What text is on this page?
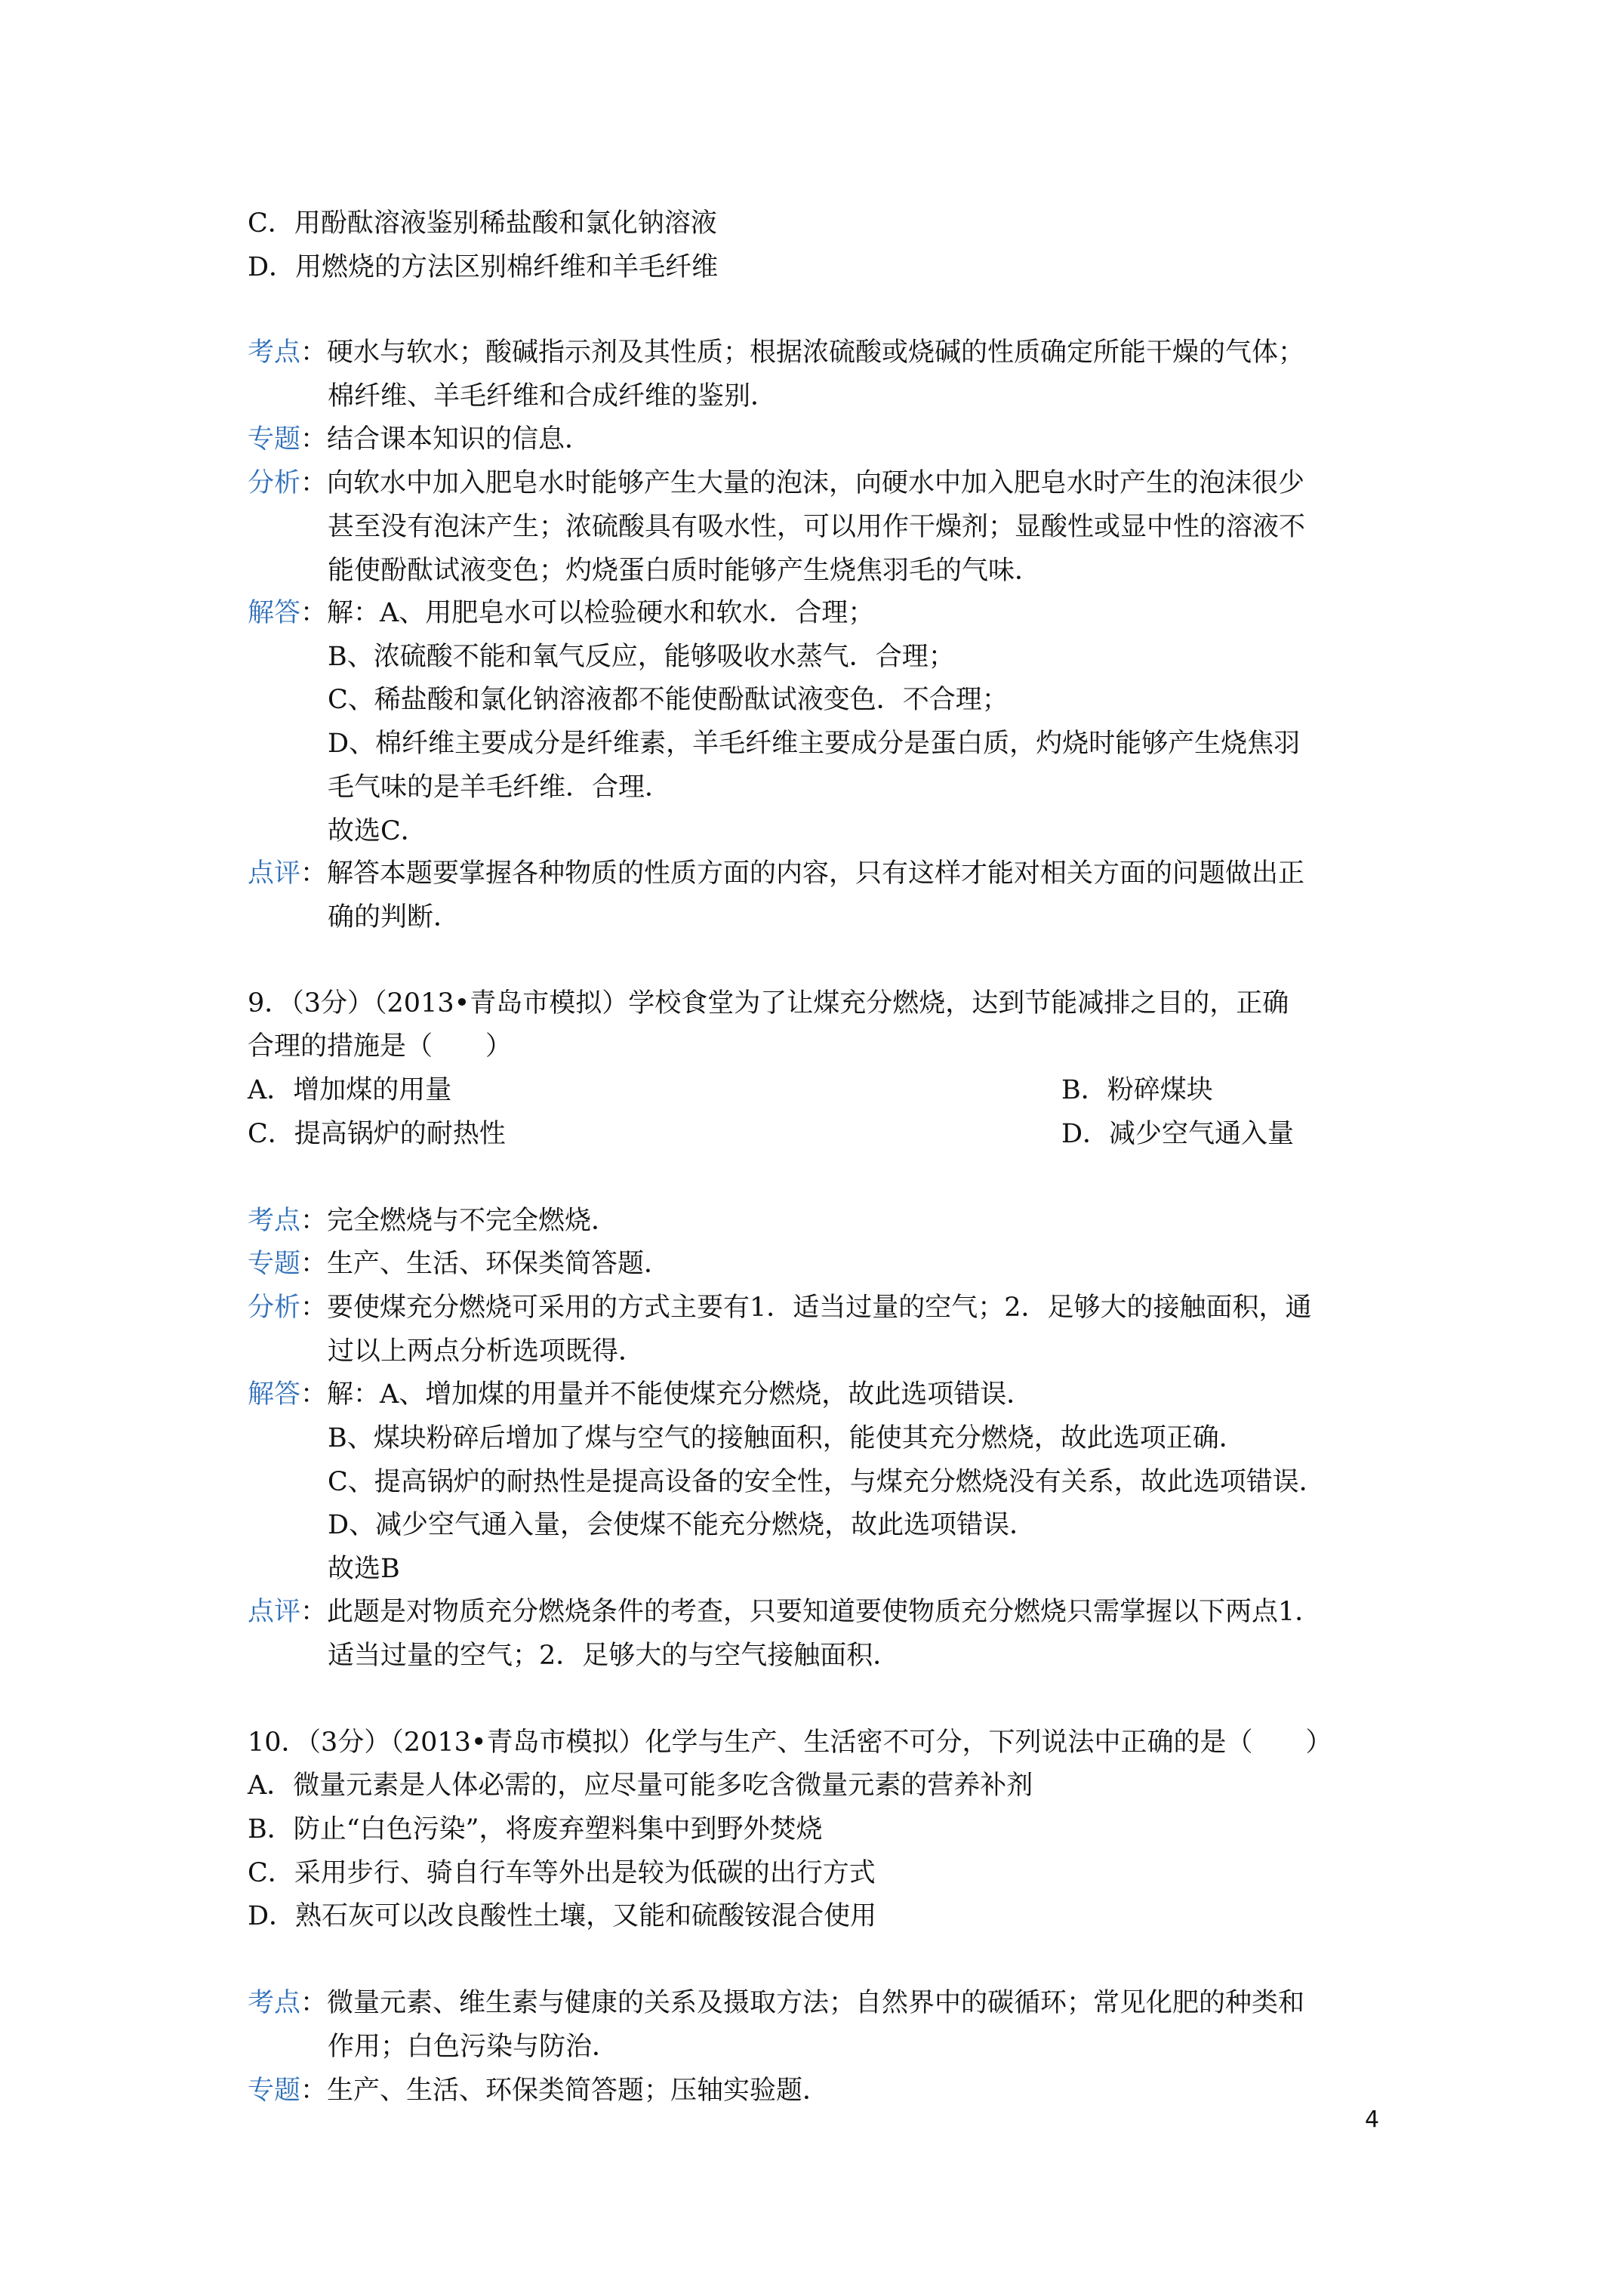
C．用酚酞溶液鉴别稀盐酸和氯化钠溶液
D．用燃烧的方法区别棉纤维和羊毛纤维
考点：硬水与软水；酸碱指示剂及其性质；根据浓硫酸或烧碱的性质确定所能干燥的气体；
棉纤维、羊毛纤维和合成纤维的鉴别．
专题：结合课本知识的信息．
分析：向软水中加入肥皂水时能够产生大量的泡沫，向硬水中加入肥皂水时产生的泡沫很少
甚至没有泡沫产生；浓硫酸具有吸水性，可以用作干燥剂；显酸性或显中性的溶液不
能使酚酞试液变色；灼烧蛋白质时能够产生烧焦羽毛的气味．
解答：解：A、用肥皂水可以检验硬水和软水．合理；
B、浓硫酸不能和氧气反应，能够吸收水蒸气．合理；
C、稀盐酸和氯化钠溶液都不能使酚酞试液变色．不合理；
D、棉纤维主要成分是纤维素，羊毛纤维主要成分是蛋白质，灼烧时能够产生烧焦羽
毛气味的是羊毛纤维．合理．
故选C．
点评：解答本题要掌握各种物质的性质方面的内容，只有这样才能对相关方面的问题做出正
确的判断．
9．（3分）（2013•青岛市模拟）学校食堂为了让煤充分燃烧，达到节能减排之目的，正确
合理的措施是（　　）
A．增加煤的用量	B．粉碎煤块
C．提高锅炉的耐热性	D．减少空气通入量
考点：完全燃烧与不完全燃烧．
专题：生产、生活、环保类简答题．
分析：要使煤充分燃烧可采用的方式主要有1．适当过量的空气；2．足够大的接触面积，通
过以上两点分析选项既得．
解答：解：A、增加煤的用量并不能使煤充分燃烧，故此选项错误．
B、煤块粉碎后增加了煤与空气的接触面积，能使其充分燃烧，故此选项正确．
C、提高锅炉的耐热性是提高设备的安全性，与煤充分燃烧没有关系，故此选项错误．
D、减少空气通入量，会使煤不能充分燃烧，故此选项错误．
故选B
点评：此题是对物质充分燃烧条件的考查，只要知道要使物质充分燃烧只需掌握以下两点1．
适当过量的空气；2．足够大的与空气接触面积．
10．（3分）（2013•青岛市模拟）化学与生产、生活密不可分，下列说法中正确的是（　　）
A．微量元素是人体必需的，应尽量可能多吃含微量元素的营养补剂
B．防止“白色污染”，将废弃塑料集中到野外焚烧
C．采用步行、骑自行车等外出是较为低碳的出行方式
D．熟石灰可以改良酸性土壤，又能和硫酸铵混合使用
考点：微量元素、维生素与健康的关系及摄取方法；自然界中的碳循环；常见化肥的种类和
作用；白色污染与防治．
专题：生产、生活、环保类简答题；压轴实验题．
4
